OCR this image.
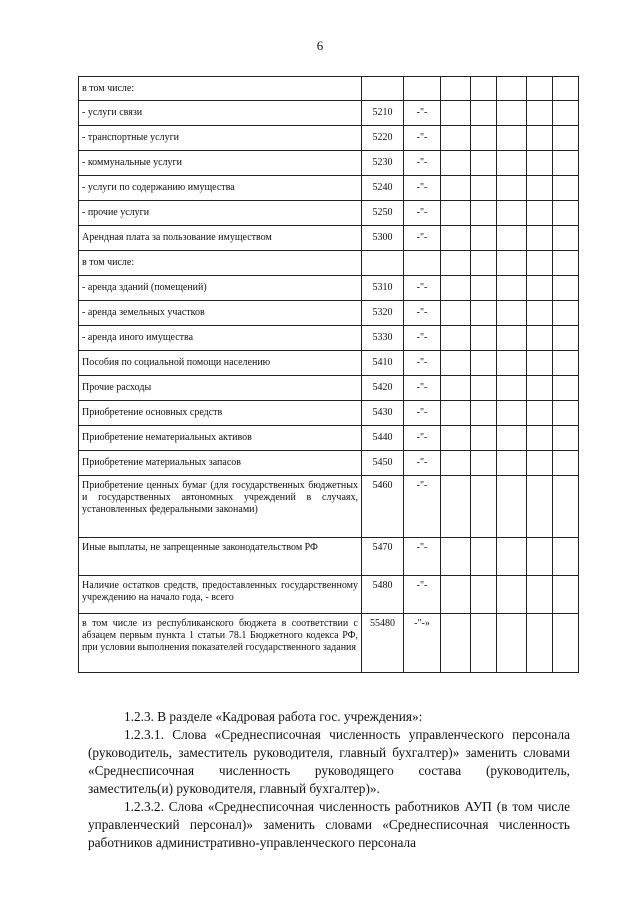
6
в том числе:							
- услуги связи	5210	-"-					
- транспортные услуги	5220	-"-					
- коммунальные услуги	5230	-"-					
- услуги по содержанию имущества	5240	-"-					
- прочие услуги	5250	-"-					
Арендная плата за пользование имуществом	5300	-"-					
в том числе:							
- аренда зданий (помещений)	5310	-"-					
- аренда земельных участков	5320	-"-					
- аренда иного имущества	5330	-"-					
Пособия по социальной помощи населению	5410	-"-					
Прочие расходы	5420	-"-					
Приобретение основных средств	5430	-"-					
Приобретение нематериальных активов	5440	-"-					
Приобретение материальных запасов	5450	-"-					
Приобретение ценных бумаг (для государственных бюджетных и государственных автономных учреждений в случаях, установленных федеральными законами)	5460	-"-					
Иные выплаты, не запрещенные законодательством РФ	5470	-"-					
Наличие остатков средств, предоставленных государственному учреждению на начало года, - всего	5480	-"-					
в том числе из республиканского бюджета в соответствии с абзацем первым пункта 1 статьи 78.1 Бюджетного кодекса РФ, при условии выполнения показателей государственного задания	55480	-"-»					

1.2.3. В разделе «Кадровая работа гос. учреждения»:

1.2.3.1. Слова «Среднесписочная численность управленческого персонала (руководитель, заместитель руководителя, главный бухгалтер)» заменить словами «Среднесписочная численность руководящего состава (руководитель, заместитель(и) руководителя, главный бухгалтер)».

1.2.3.2. Слова «Среднесписочная численность работников АУП (в том числе управленческий персонал)» заменить словами «Среднесписочная численность работников административно-управленческого персонала
